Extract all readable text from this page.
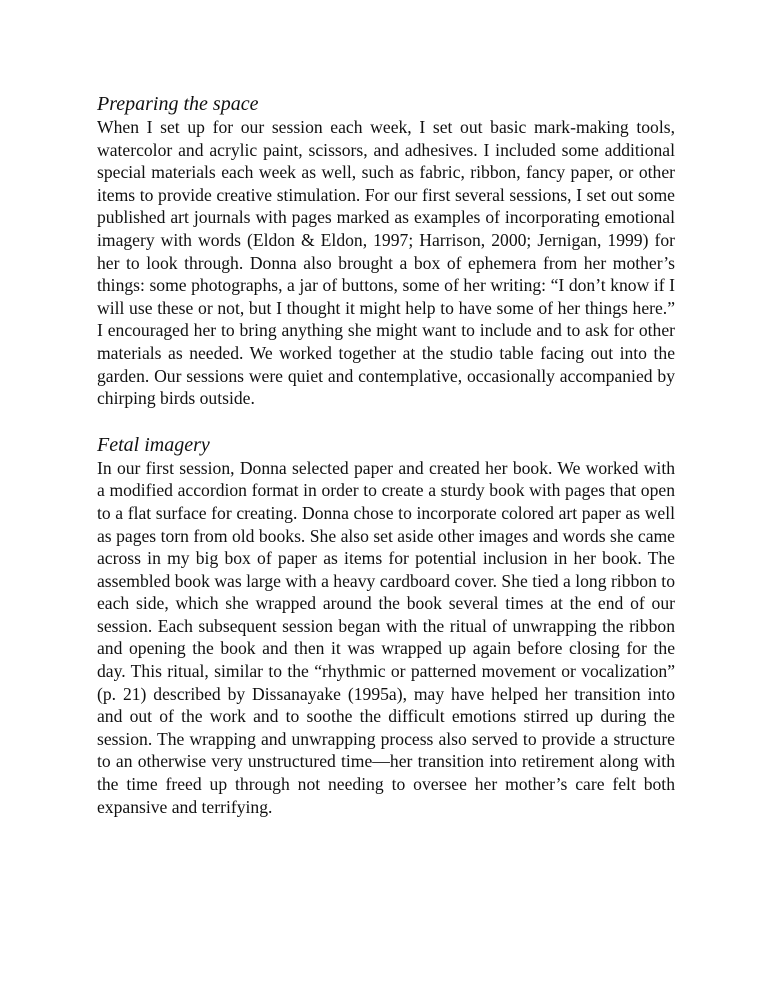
Preparing the space

When I set up for our session each week, I set out basic mark-making tools, watercolor and acrylic paint, scissors, and adhesives. I included some additional special materials each week as well, such as fabric, ribbon, fancy paper, or other items to provide creative stimulation. For our first several sessions, I set out some published art journals with pages marked as examples of incorporating emotional imagery with words (Eldon & Eldon, 1997; Harrison, 2000; Jernigan, 1999) for her to look through. Donna also brought a box of ephemera from her mother’s things: some photographs, a jar of buttons, some of her writing: “I don’t know if I will use these or not, but I thought it might help to have some of her things here.” I encouraged her to bring anything she might want to include and to ask for other materials as needed. We worked together at the studio table facing out into the garden. Our sessions were quiet and contemplative, occasionally accompanied by chirping birds outside.

Fetal imagery

In our first session, Donna selected paper and created her book. We worked with a modified accordion format in order to create a sturdy book with pages that open to a flat surface for creating. Donna chose to incorporate colored art paper as well as pages torn from old books. She also set aside other images and words she came across in my big box of paper as items for potential inclusion in her book. The assembled book was large with a heavy cardboard cover. She tied a long ribbon to each side, which she wrapped around the book several times at the end of our session. Each subsequent session began with the ritual of unwrapping the ribbon and opening the book and then it was wrapped up again before closing for the day. This ritual, similar to the “rhythmic or patterned movement or vocalization” (p. 21) described by Dissanayake (1995a), may have helped her transition into and out of the work and to soothe the difficult emotions stirred up during the session. The wrapping and unwrapping process also served to provide a structure to an otherwise very unstructured time—her transition into retirement along with the time freed up through not needing to oversee her mother’s care felt both expansive and terrifying.
